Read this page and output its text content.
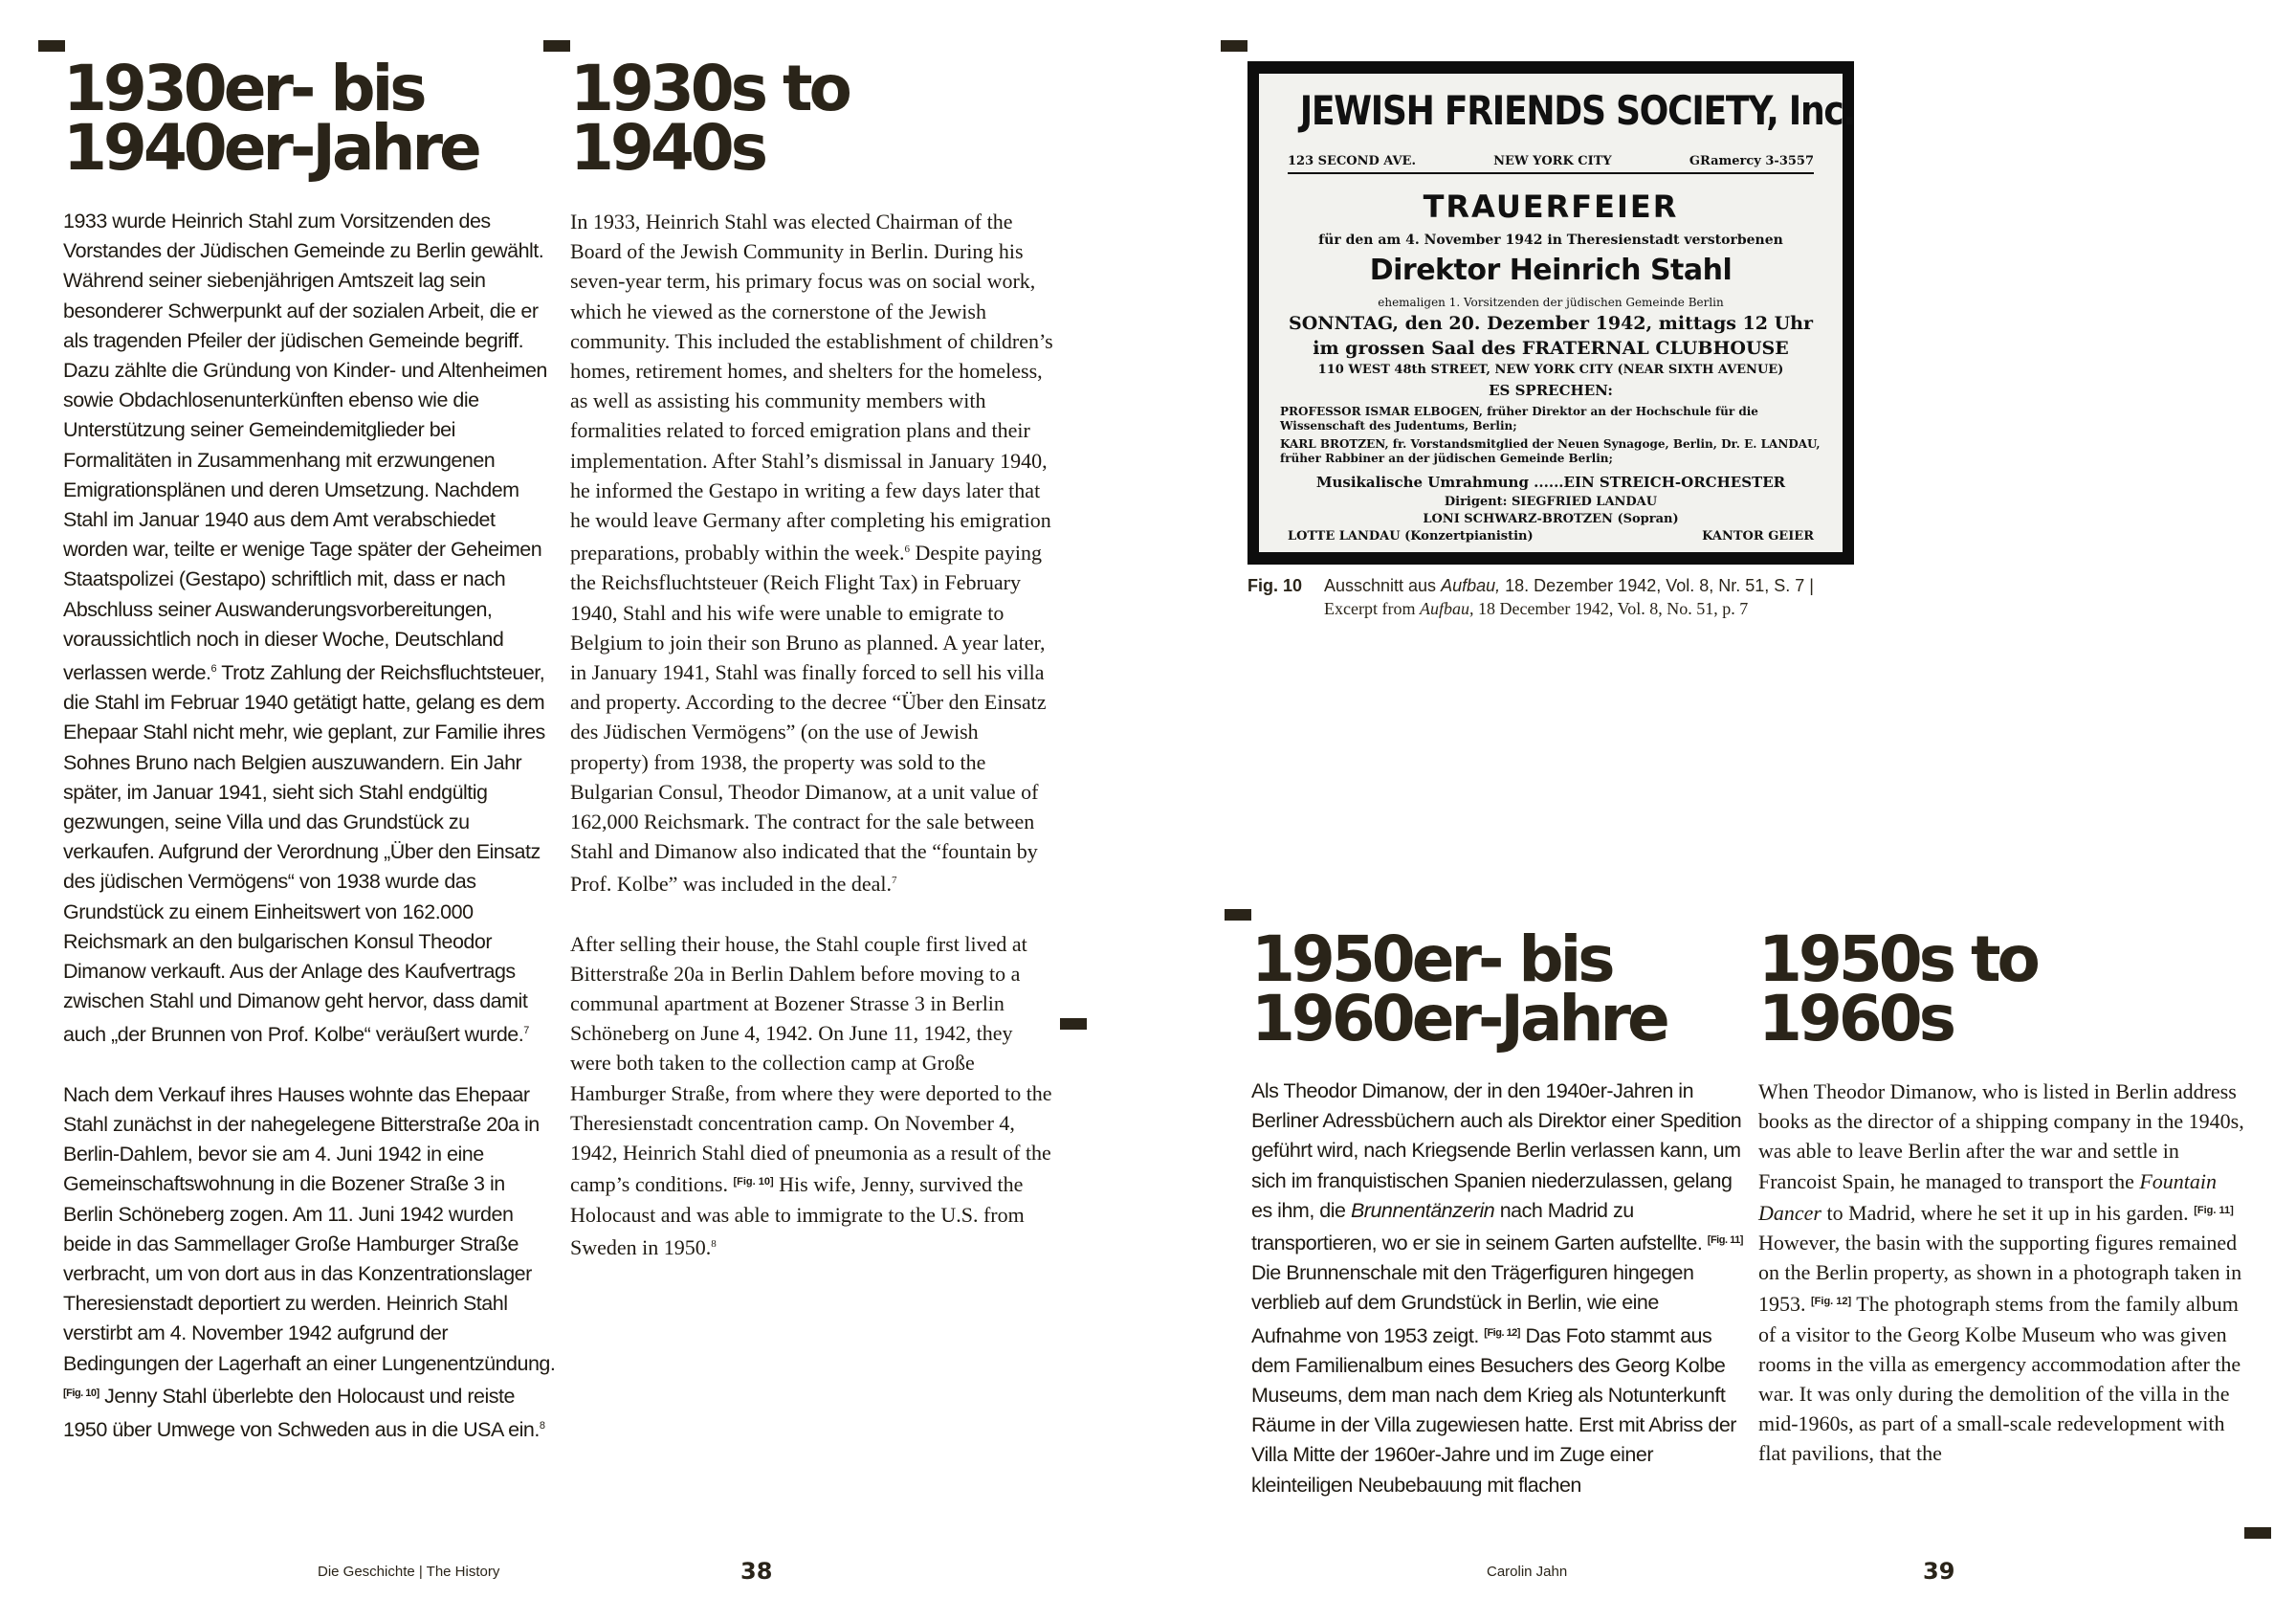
1930er- bis
1940er-Jahre
1930s to
1940s

1933 wurde Heinrich Stahl zum Vorsitzenden des Vorstandes der Jüdischen Gemeinde zu Berlin gewählt. Während seiner siebenjährigen Amtszeit lag sein besonderer Schwerpunkt auf der sozialen Arbeit, die er als tragenden Pfeiler der jüdischen Gemeinde begriff. Dazu zählte die Gründung von Kinder- und Altenheimen sowie Obdachlosenunterkünften ebenso wie die Unterstützung seiner Gemeindemitglieder bei Formalitäten in Zusammenhang mit erzwungenen Emigrationsplänen und deren Umsetzung. Nachdem Stahl im Januar 1940 aus dem Amt verabschiedet worden war, teilte er wenige Tage später der Geheimen Staatspolizei (Gestapo) schriftlich mit, dass er nach Abschluss seiner Auswanderungsvorbereitungen, voraussichtlich noch in dieser Woche, Deutschland verlassen werde.$^6$ Trotz Zahlung der Reichsfluchtsteuer, die Stahl im Februar 1940 getätigt hatte, gelang es dem Ehepaar Stahl nicht mehr, wie geplant, zur Familie ihres Sohnes Bruno nach Belgien auszuwandern. Ein Jahr später, im Januar 1941, sieht sich Stahl endgültig gezwungen, seine Villa und das Grundstück zu verkaufen. Aufgrund der Verordnung „Über den Einsatz des jüdischen Vermögens“ von 1938 wurde das Grundstück zu einem Einheitswert von 162.000 Reichsmark an den bulgarischen Konsul Theodor Dimanow verkauft. Aus der Anlage des Kaufvertrags zwischen Stahl und Dimanow geht hervor, dass damit auch „der Brunnen von Prof. Kolbe“ veräußert wurde.$^7$

Nach dem Verkauf ihres Hauses wohnte das Ehepaar Stahl zunächst in der nahegelegene Bitterstraße 20a in Berlin-Dahlem, bevor sie am 4. Juni 1942 in eine Gemeinschaftswohnung in die Bozener Straße 3 in Berlin Schöneberg zogen. Am 11. Juni 1942 wurden beide in das Sammellager Große Hamburger Straße verbracht, um von dort aus in das Konzentrationslager Theresienstadt deportiert zu werden. Heinrich Stahl verstirbt am 4. November 1942 aufgrund der Bedingungen der Lagerhaft an einer Lungenentzündung. [Fig. 10] Jenny Stahl überlebte den Holocaust und reiste 1950 über Umwege von Schweden aus in die USA ein.$^8$

In 1933, Heinrich Stahl was elected Chairman of the Board of the Jewish Community in Berlin. During his seven-year term, his primary focus was on social work, which he viewed as the cornerstone of the Jewish community. This included the establishment of children’s homes, retirement homes, and shelters for the homeless, as well as assisting his community members with formalities related to forced emigration plans and their implementation. After Stahl’s dismissal in January 1940, he informed the Gestapo in writing a few days later that he would leave Germany after completing his emigration preparations, probably within the week.$^6$ Despite paying the Reichsfluchtsteuer (Reich Flight Tax) in February 1940, Stahl and his wife were unable to emigrate to Belgium to join their son Bruno as planned. A year later, in January 1941, Stahl was finally forced to sell his villa and property. According to the decree “Über den Einsatz des Jüdischen Vermögens” (on the use of Jewish property) from 1938, the property was sold to the Bulgarian Consul, Theodor Dimanow, at a unit value of 162,000 Reichsmark. The contract for the sale between Stahl and Dimanow also indicated that the “fountain by Prof. Kolbe” was included in the deal.$^7$

After selling their house, the Stahl couple first lived at Bitterstraße 20a in Berlin Dahlem before moving to a communal apartment at Bozener Strasse 3 in Berlin Schöneberg on June 4, 1942. On June 11, 1942, they were both taken to the collection camp at Große Hamburger Straße, from where they were deported to the Theresienstadt concentration camp. On November 4, 1942, Heinrich Stahl died of pneumonia as a result of the camp’s conditions. [Fig. 10] His wife, Jenny, survived the Holocaust and was able to immigrate to the U.S. from Sweden in 1950.$^8$

Die Geschichte | The History	38
JEWISH FRIENDS SOCIETY, Inc.
123 SECOND AVE.	NEW YORK CITY	GRamercy 3-3557
TRAUERFEIER
für den am 4. November 1942 in Theresienstadt verstorbenen
Direktor Heinrich Stahl
ehemaligen 1. Vorsitzenden der jüdischen Gemeinde Berlin
SONNTAG, den 20. Dezember 1942, mittags 12 Uhr
im grossen Saal des FRATERNAL CLUBHOUSE
110 WEST 48th STREET, NEW YORK CITY (NEAR SIXTH AVENUE)
ES SPRECHEN:
PROFESSOR ISMAR ELBOGEN, früher Direktor an der Hochschule für die Wissenschaft des Judentums, Berlin;
KARL BROTZEN, fr. Vorstandsmitglied der Neuen Synagoge, Berlin, Dr. E. LANDAU, früher Rabbiner an der jüdischen Gemeinde Berlin;
Musikalische Umrahmung ......EIN STREICH-ORCHESTER
Dirigent: SIEGFRIED LANDAU
LONI SCHWARZ-BROTZEN (Sopran)
LOTTE LANDAU (Konzertpianistin)	KANTOR GEIER
Fig. 10 Ausschnitt aus Aufbau, 18. Dezember 1942, Vol. 8, Nr. 51, S. 7 |
Excerpt from Aufbau, 18 December 1942, Vol. 8, No. 51, p. 7
1950er- bis
1960er-Jahre
1950s to
1960s

Als Theodor Dimanow, der in den 1940er-Jahren in Berliner Adressbüchern auch als Direktor einer Spedition geführt wird, nach Kriegsende Berlin verlassen kann, um sich im franquistischen Spanien niederzulassen, gelang es ihm, die Brunnentänzerin nach Madrid zu transportieren, wo er sie in seinem Garten aufstellte. [Fig. 11] Die Brunnenschale mit den Trägerfiguren hingegen verblieb auf dem Grundstück in Berlin, wie eine Aufnahme von 1953 zeigt. [Fig. 12] Das Foto stammt aus dem Familienalbum eines Besuchers des Georg Kolbe Museums, dem man nach dem Krieg als Notunterkunft Räume in der Villa zugewiesen hatte. Erst mit Abriss der Villa Mitte der 1960er-Jahre und im Zuge einer kleinteiligen Neubebauung mit flachen

When Theodor Dimanow, who is listed in Berlin address books as the director of a shipping company in the 1940s, was able to leave Berlin after the war and settle in Francoist Spain, he managed to transport the Fountain Dancer to Madrid, where he set it up in his garden. [Fig. 11] However, the basin with the supporting figures remained on the Berlin property, as shown in a photograph taken in 1953. [Fig. 12] The photograph stems from the family album of a visitor to the Georg Kolbe Museum who was given rooms in the villa as emergency accommodation after the war. It was only during the demolition of the villa in the mid-1960s, as part of a small-scale redevelopment with flat pavilions, that the

Carolin Jahn	39
